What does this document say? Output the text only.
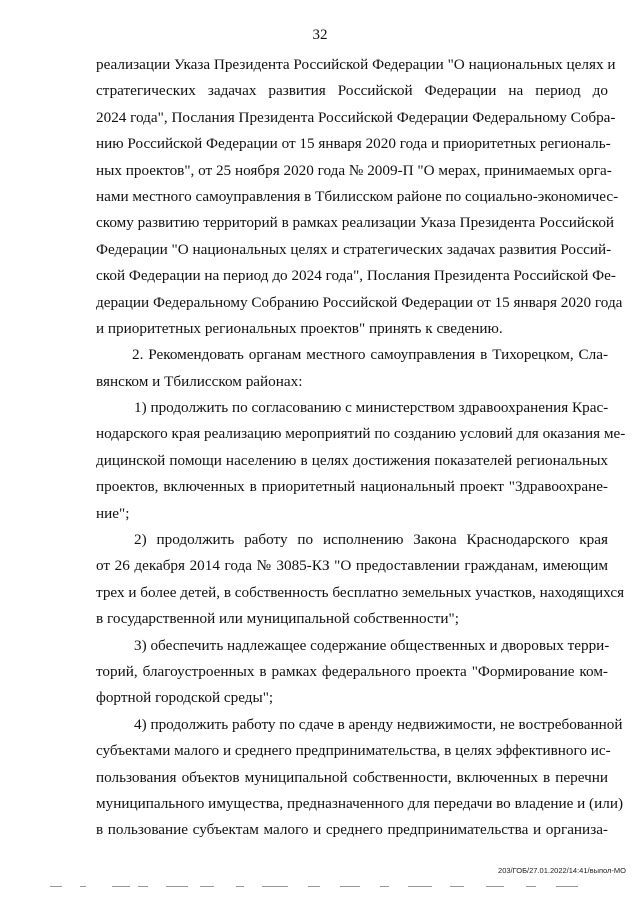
32
реализации Указа Президента Российской Федерации "О национальных целях и
стратегических задачах развития Российской Федерации на период до
2024 года", Послания Президента Российской Федерации Федеральному Собра-
нию Российской Федерации от 15 января 2020 года и приоритетных региональ-
ных проектов", от 25 ноября 2020 года № 2009-П "О мерах, принимаемых орга-
нами местного самоуправления в Тбилисском районе по социально-экономичес-
скому развитию территорий в рамках реализации Указа Президента Российской
Федерации "О национальных целях и стратегических задачах развития Россий-
ской Федерации на период до 2024 года", Послания Президента Российской Фе-
дерации Федеральному Собранию Российской Федерации от 15 января 2020 года
и приоритетных региональных проектов" принять к сведению.
2. Рекомендовать органам местного самоуправления в Тихорецком, Сла-
вянском и Тбилисском районах:
1) продолжить по согласованию с министерством здравоохранения Крас-
нодарского края реализацию мероприятий по созданию условий для оказания ме-
дицинской помощи населению в целях достижения показателей региональных
проектов, включенных в приоритетный национальный проект "Здравоохране-
ние";
2) продолжить работу по исполнению Закона Краснодарского края
от 26 декабря 2014 года № 3085-КЗ "О предоставлении гражданам, имеющим
трех и более детей, в собственность бесплатно земельных участков, находящихся
в государственной или муниципальной собственности";
3) обеспечить надлежащее содержание общественных и дворовых терри-
торий, благоустроенных в рамках федерального проекта "Формирование ком-
фортной городской среды";
4) продолжить работу по сдаче в аренду недвижимости, не востребованной
субъектами малого и среднего предпринимательства, в целях эффективного ис-
пользования объектов муниципальной собственности, включенных в перечни
муниципального имущества, предназначенного для передачи во владение и (или)
в пользование субъектам малого и среднего предпринимательства и организа-
203/ГОБ/27.01.2022/14:41/выпол-МО
